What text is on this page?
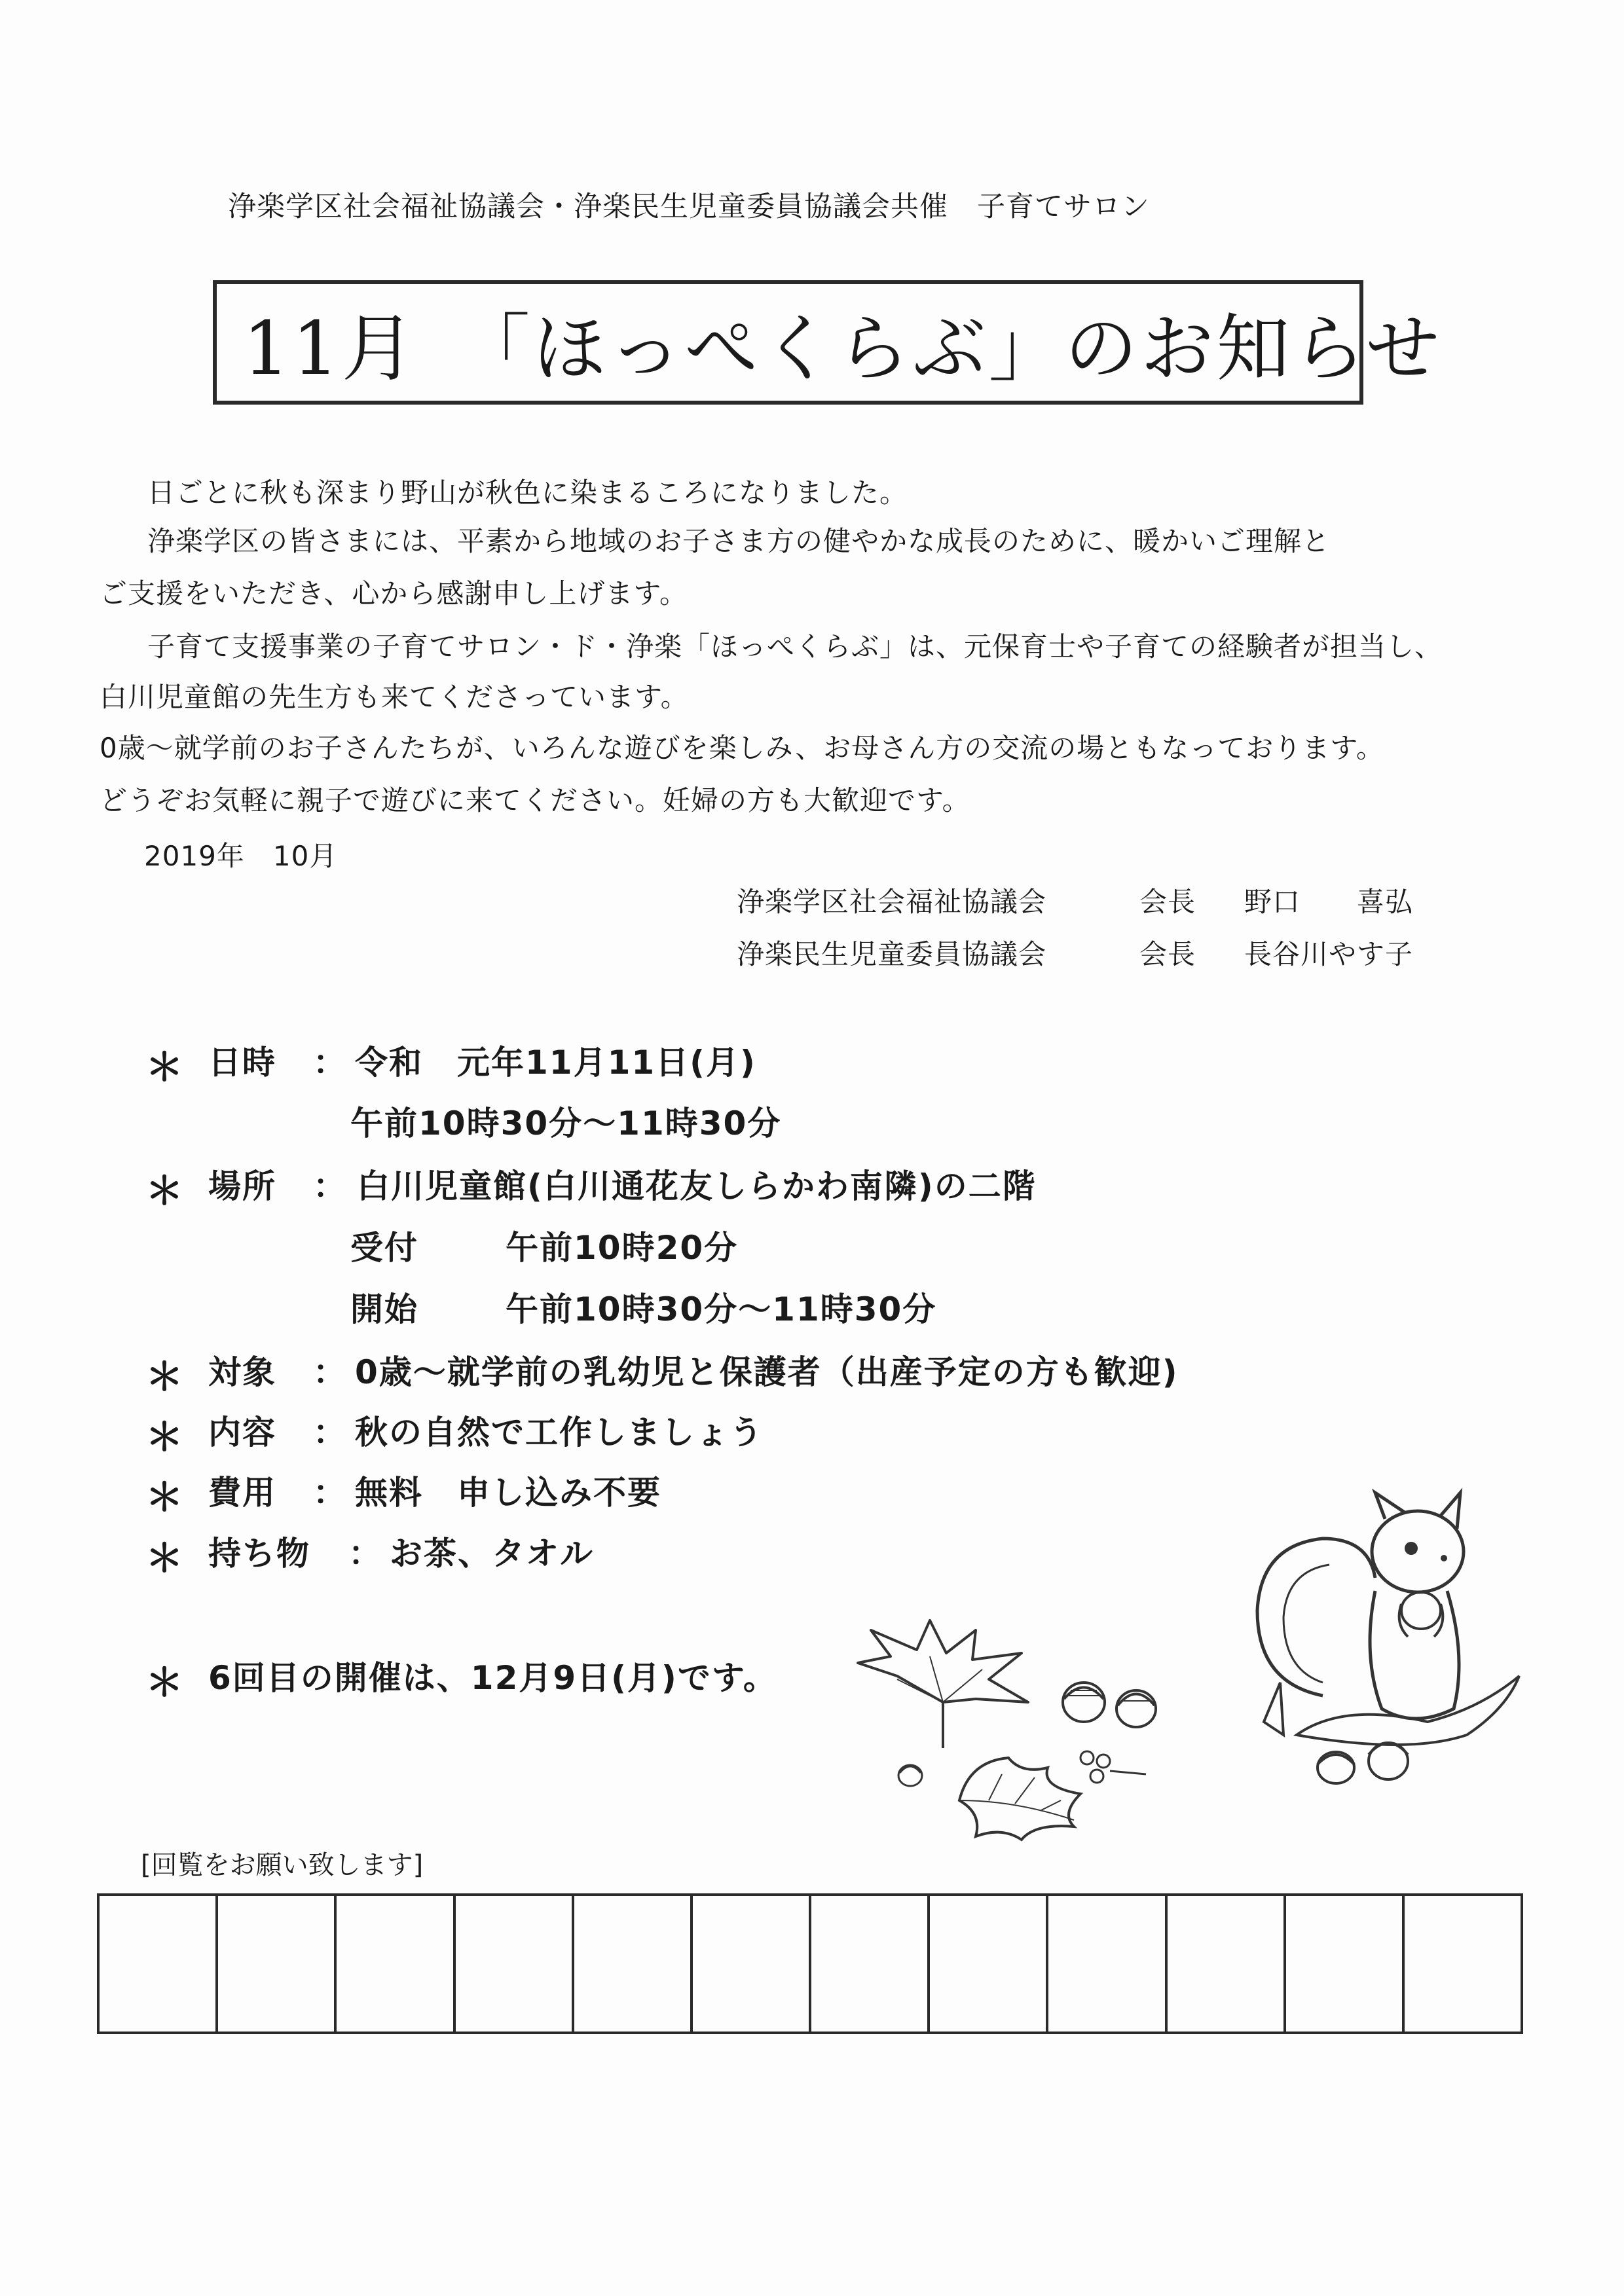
浄楽学区社会福祉協議会・浄楽民生児童委員協議会共催　子育てサロン
11月　「ほっぺくらぶ」のお知らせ
日ごとに秋も深まり野山が秋色に染まるころになりました。
浄楽学区の皆さまには、平素から地域のお子さま方の健やかな成長のために、暖かいご理解と
ご支援をいただき、心から感謝申し上げます。
子育て支援事業の子育てサロン・ド・浄楽「ほっぺくらぶ」は、元保育士や子育ての経験者が担当し、
白川児童館の先生方も来てくださっています。
0歳～就学前のお子さんたちが、いろんな遊びを楽しみ、お母さん方の交流の場ともなっております。
どうぞお気軽に親子で遊びに来てください。妊婦の方も大歓迎です。
2019年　10月
浄楽学区社会福祉協議会	会長 野口　　喜弘
浄楽民生児童委員協議会	会長 長谷川やす子
＊ 日時 ： 令和　元年11月11日(月)
午前10時30分～11時30分
＊ 場所 ： 白川児童館(白川通花友しらかわ南隣)の二階
受付	午前10時20分
開始	午前10時30分～11時30分
＊ 対象 ： 0歳～就学前の乳幼児と保護者（出産予定の方も歓迎)
＊ 内容 ： 秋の自然で工作しましょう
＊ 費用 ： 無料　申し込み不要
＊ 持ち物 ： お茶、タオル
＊ 6回目の開催は、12月9日(月)です。
[回覧をお願い致します]
